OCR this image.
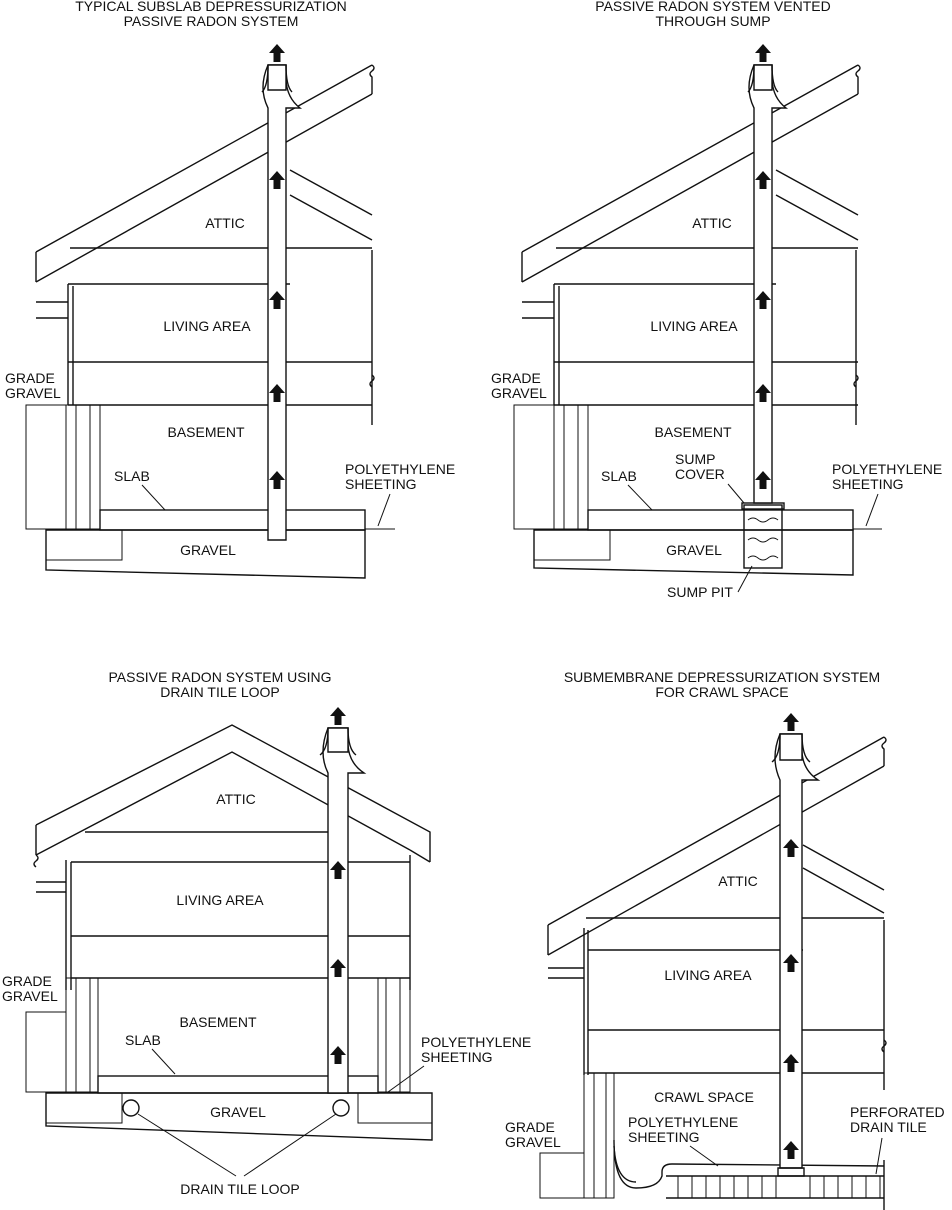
TYPICAL SUBSLAB DEPRESSURIZATION
PASSIVE RADON SYSTEM
ATTIC
LIVING AREA
GRADE
GRAVEL
BASEMENT
SLAB	POLYETHYLENE
SHEETING
GRAVEL
PASSIVE RADON SYSTEM VENTED
THROUGH SUMP
ATTIC
LIVING AREA
GRADE
GRAVEL
BASEMENT
SUMP
COVER
SLAB	POLYETHYLENE
SHEETING
GRAVEL
SUMP PIT
PASSIVE RADON SYSTEM USING
DRAIN TILE LOOP
ATTIC
LIVING AREA
GRADE
GRAVEL
BASEMENT
SLAB	POLYETHYLENE
SHEETING
GRAVEL
DRAIN TILE LOOP
SUBMEMBRANE DEPRESSURIZATION SYSTEM
FOR CRAWL SPACE
ATTIC
LIVING AREA
CRAWL SPACE
POLYETHYLENE
SHEETING
PERFORATED
DRAIN TILE
GRADE
GRAVEL
